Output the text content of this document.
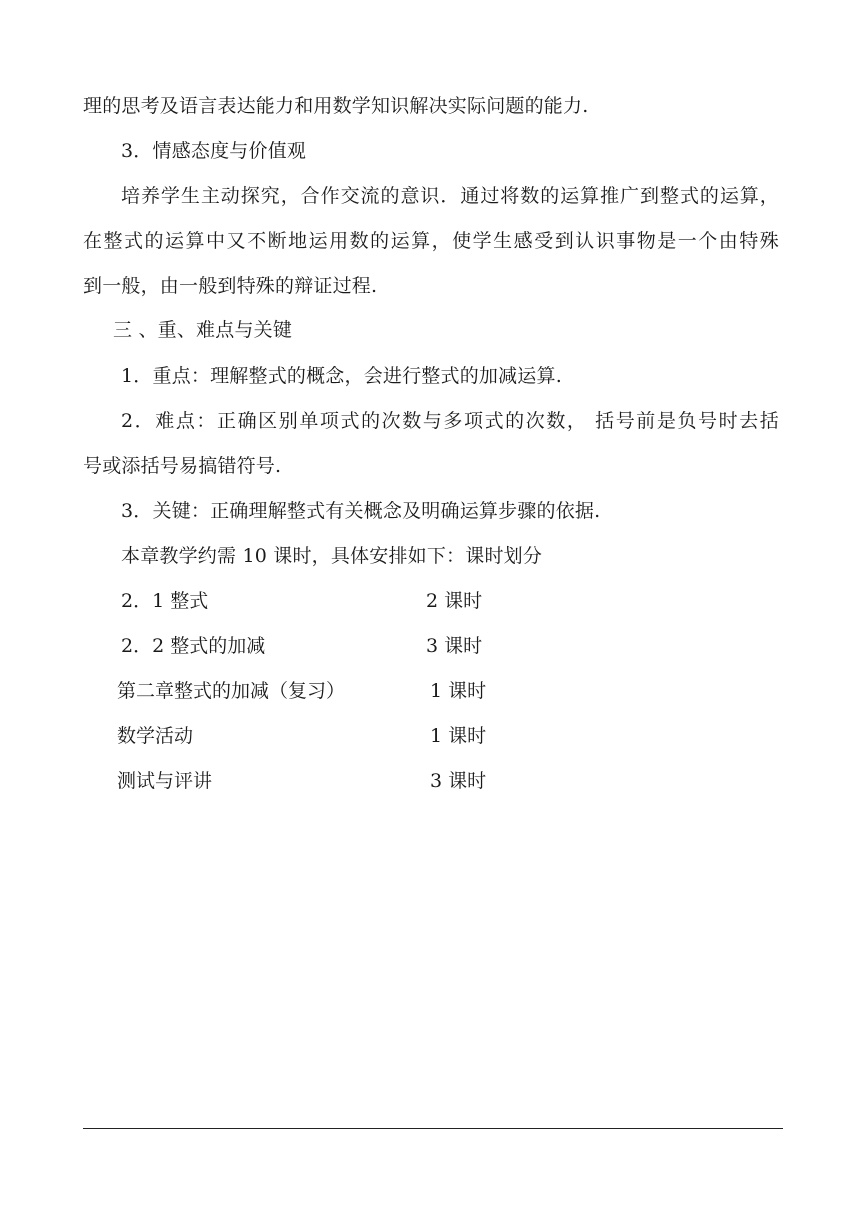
理的思考及语言表达能力和用数学知识解决实际问题的能力.
3．情感态度与价值观
培养学生主动探究，合作交流的意识．通过将数的运算推广到整式的运算，
在整式的运算中又不断地运用数的运算，使学生感受到认识事物是一个由特殊
到一般，由一般到特殊的辩证过程.
三 、重、难点与关键
1．重点：理解整式的概念，会进行整式的加减运算.
2．难点：正确区别单项式的次数与多项式的次数， 括号前是负号时去括
号或添括号易搞错符号.
3．关键：正确理解整式有关概念及明确运算步骤的依据.
本章教学约需 10 课时，具体安排如下：课时划分
2．1 整式	2 课时
2．2 整式的加减	3 课时
第二章整式的加减（复习）	1 课时
数学活动	1 课时
测试与评讲	3 课时
